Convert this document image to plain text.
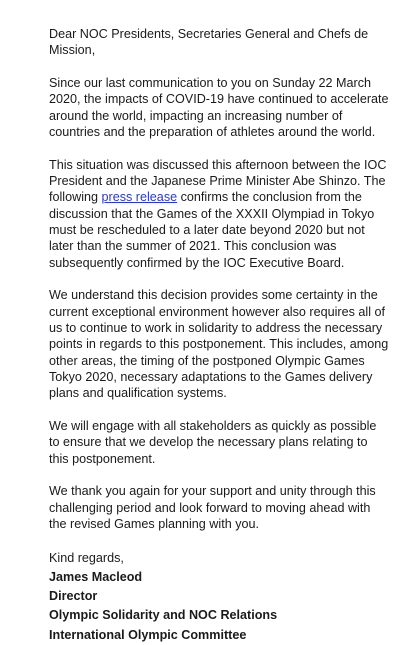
Dear NOC Presidents, Secretaries General and Chefs de Mission,

Since our last communication to you on Sunday 22 March 2020, the impacts of COVID-19 have continued to accelerate around the world, impacting an increasing number of countries and the preparation of athletes around the world.

This situation was discussed this afternoon between the IOC President and the Japanese Prime Minister Abe Shinzo. The following press release confirms the conclusion from the discussion that the Games of the XXXII Olympiad in Tokyo must be rescheduled to a later date beyond 2020 but not later than the summer of 2021. This conclusion was subsequently confirmed by the IOC Executive Board.

We understand this decision provides some certainty in the current exceptional environment however also requires all of us to continue to work in solidarity to address the necessary points in regards to this postponement. This includes, among other areas, the timing of the postponed Olympic Games Tokyo 2020, necessary adaptations to the Games delivery plans and qualification systems.

We will engage with all stakeholders as quickly as possible to ensure that we develop the necessary plans relating to this postponement.

We thank you again for your support and unity through this challenging period and look forward to moving ahead with the revised Games planning with you.

Kind regards,

James Macleod

Director

Olympic Solidarity and NOC Relations

International Olympic Committee
